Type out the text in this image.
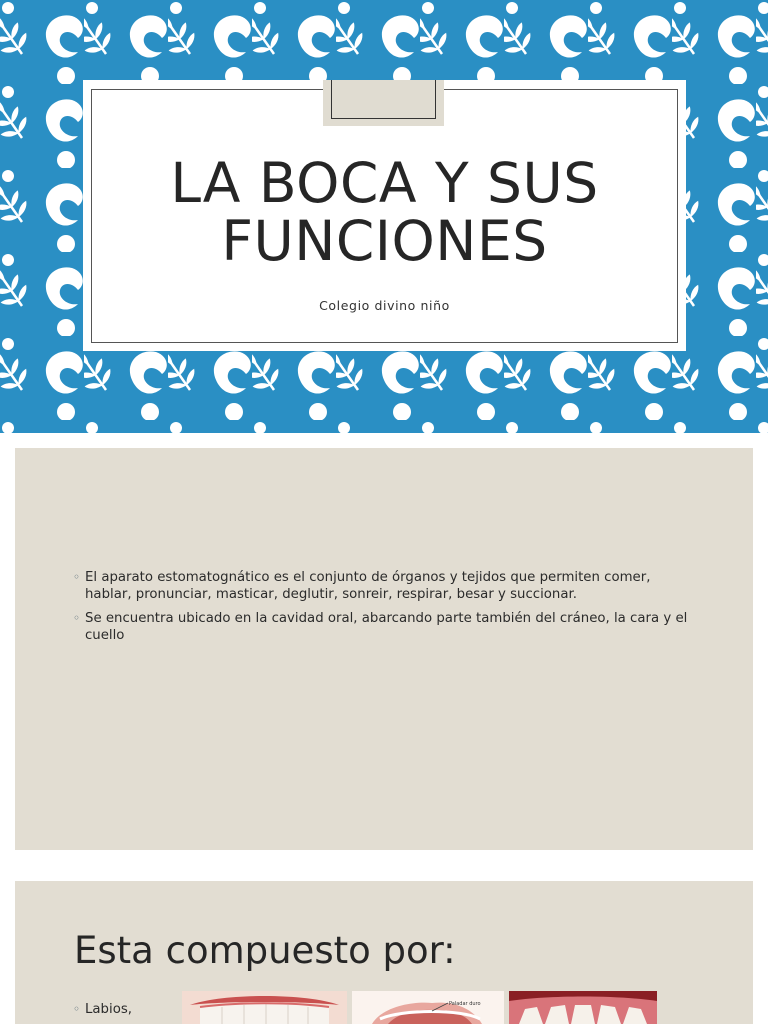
LA BOCA Y SUS
FUNCIONES
Colegio divino niño
◦ El aparato estomatognático es el conjunto de órganos y tejidos que permiten comer, hablar, pronunciar, masticar, deglutir, sonreir, respirar, besar y succionar.
◦ Se encuentra ubicado en la cavidad oral, abarcando parte también del cráneo, la cara y el cuello
Esta compuesto por:
◦ Labios,	Paladar duro
